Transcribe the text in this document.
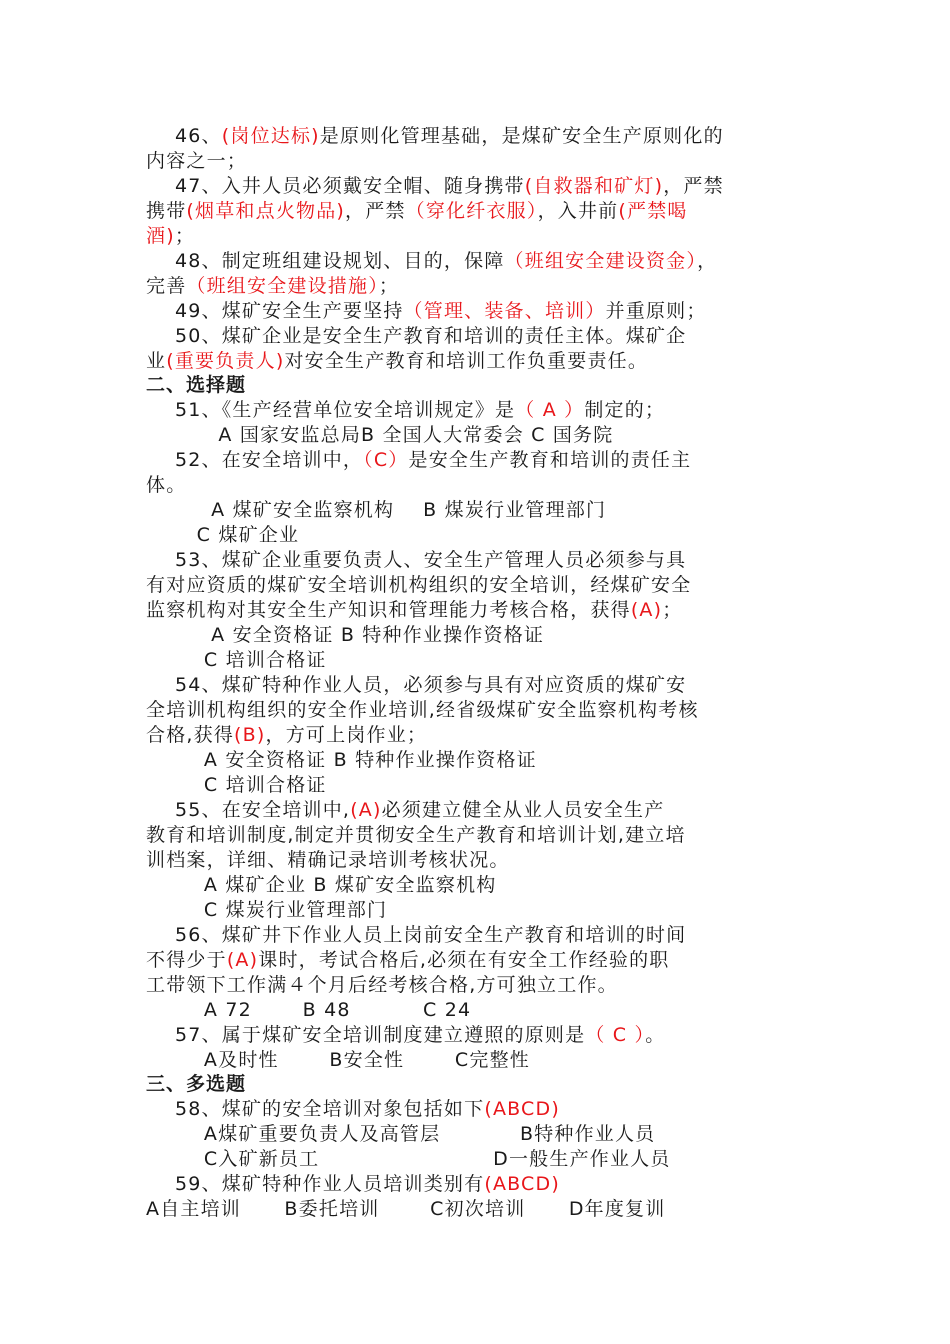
46、(岗位达标)是原则化管理基础，是煤矿安全生产原则化的
内容之一；
47、入井人员必须戴安全帽、随身携带(自救器和矿灯)，严禁
携带(烟草和点火物品)，严禁（穿化纤衣服），入井前(严禁喝
酒)；
48、制定班组建设规划、目的，保障（班组安全建设资金），
完善（班组安全建设措施）；
49、煤矿安全生产要坚持（管理、装备、培训）并重原则；
50、煤矿企业是安全生产教育和培训的责任主体。煤矿企
业(重要负责人)对安全生产教育和培训工作负重要责任。
二、选择题
51、《生产经营单位安全培训规定》是（ A ）制定的；
A 国家安监总局B 全国人大常委会 C 国务院
52、在安全培训中，（C）是安全生产教育和培训的责任主
体。
A 煤矿安全监察机构    B 煤炭行业管理部门
C 煤矿企业
53、煤矿企业重要负责人、安全生产管理人员必须参与具
有对应资质的煤矿安全培训机构组织的安全培训，经煤矿安全
监察机构对其安全生产知识和管理能力考核合格，获得(A)；
A 安全资格证 B 特种作业操作资格证
C 培训合格证
54、煤矿特种作业人员，必须参与具有对应资质的煤矿安
全培训机构组织的安全作业培训,经省级煤矿安全监察机构考核
合格,获得(B)，方可上岗作业；
A 安全资格证 B 特种作业操作资格证
C 培训合格证
55、在安全培训中,(A)必须建立健全从业人员安全生产
教育和培训制度,制定并贯彻安全生产教育和培训计划,建立培
训档案，详细、精确记录培训考核状况。
A 煤矿企业 B 煤矿安全监察机构
C 煤炭行业管理部门
56、煤矿井下作业人员上岗前安全生产教育和培训的时间
不得少于(A)课时，考试合格后,必须在有安全工作经验的职
工带领下工作满４个月后经考核合格,方可独立工作。
A 72       B 48          C 24
57、属于煤矿安全培训制度建立遵照的原则是（ C ）。
A及时性       B安全性       C完整性
三、多选题
58、煤矿的安全培训对象包括如下(ABCD)
A煤矿重要负责人及高管层           B特种作业人员
C入矿新员工                        D一般生产作业人员
59、煤矿特种作业人员培训类别有(ABCD)
A自主培训      B委托培训       C初次培训      D年度复训
